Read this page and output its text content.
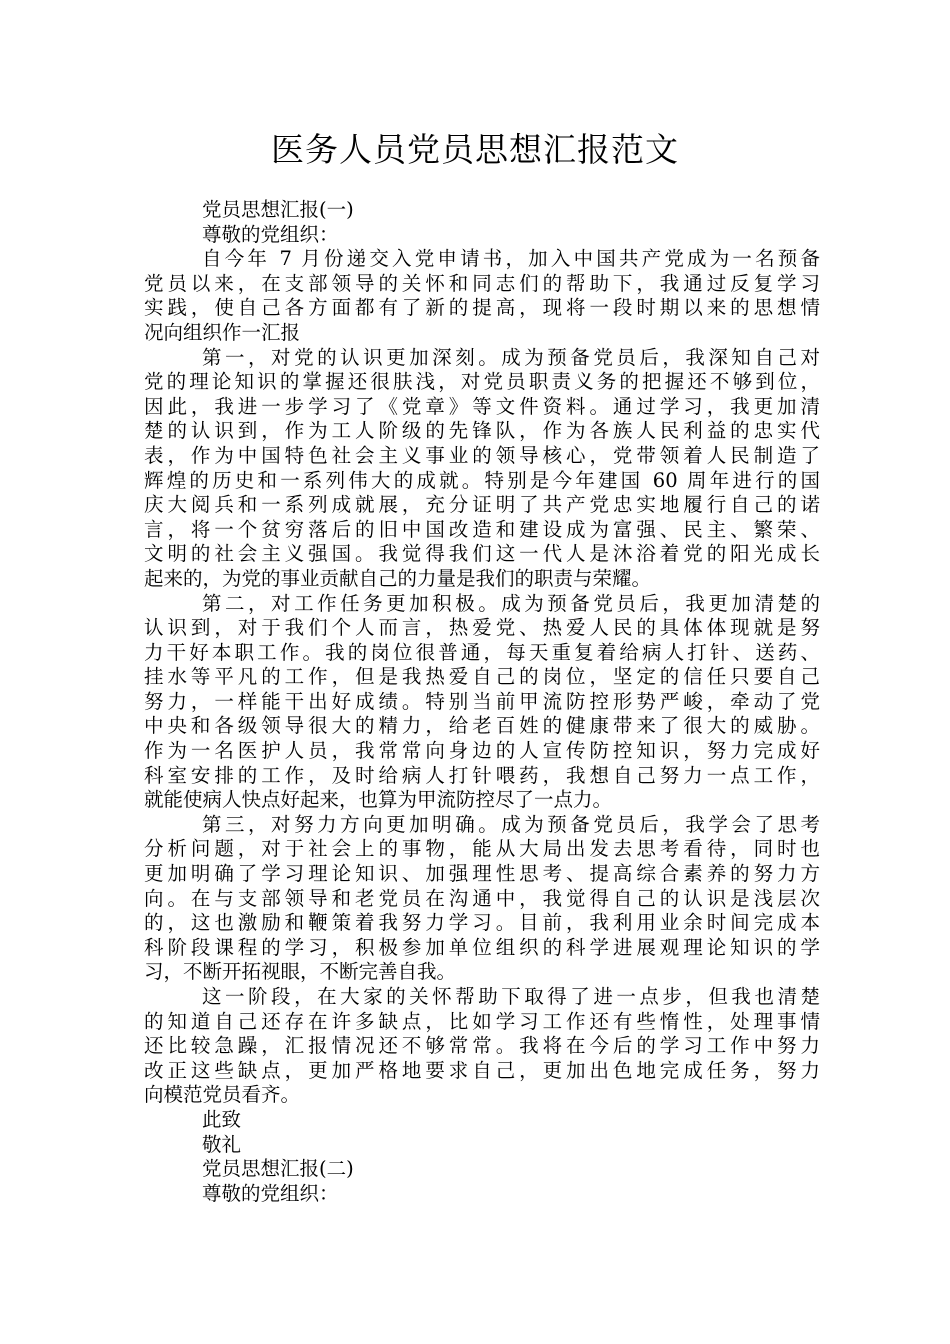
医务人员党员思想汇报范文
党员思想汇报(一)
尊敬的党组织：
自今年 7 月份递交入党申请书，加入中国共产党成为一名预备
党员以来，在支部领导的关怀和同志们的帮助下，我通过反复学习
实践，使自己各方面都有了新的提高，现将一段时期以来的思想情
况向组织作一汇报
第一，对党的认识更加深刻。成为预备党员后，我深知自己对
党的理论知识的掌握还很肤浅，对党员职责义务的把握还不够到位，
因此，我进一步学习了《党章》等文件资料。通过学习，我更加清
楚的认识到，作为工人阶级的先锋队，作为各族人民利益的忠实代
表，作为中国特色社会主义事业的领导核心，党带领着人民制造了
辉煌的历史和一系列伟大的成就。特别是今年建国 60 周年进行的国
庆大阅兵和一系列成就展，充分证明了共产党忠实地履行自己的诺
言，将一个贫穷落后的旧中国改造和建设成为富强、民主、繁荣、
文明的社会主义强国。我觉得我们这一代人是沐浴着党的阳光成长
起来的，为党的事业贡献自己的力量是我们的职责与荣耀。
第二，对工作任务更加积极。成为预备党员后，我更加清楚的
认识到，对于我们个人而言，热爱党、热爱人民的具体体现就是努
力干好本职工作。我的岗位很普通，每天重复着给病人打针、送药、
挂水等平凡的工作，但是我热爱自己的岗位，坚定的信任只要自己
努力，一样能干出好成绩。特别当前甲流防控形势严峻，牵动了党
中央和各级领导很大的精力，给老百姓的健康带来了很大的威胁。
作为一名医护人员，我常常向身边的人宣传防控知识，努力完成好
科室安排的工作，及时给病人打针喂药，我想自己努力一点工作，
就能使病人快点好起来，也算为甲流防控尽了一点力。
第三，对努力方向更加明确。成为预备党员后，我学会了思考
分析问题，对于社会上的事物，能从大局出发去思考看待，同时也
更加明确了学习理论知识、加强理性思考、提高综合素养的努力方
向。在与支部领导和老党员在沟通中，我觉得自己的认识是浅层次
的，这也激励和鞭策着我努力学习。目前，我利用业余时间完成本
科阶段课程的学习，积极参加单位组织的科学进展观理论知识的学
习，不断开拓视眼，不断完善自我。
这一阶段，在大家的关怀帮助下取得了进一点步，但我也清楚
的知道自己还存在许多缺点，比如学习工作还有些惰性，处理事情
还比较急躁，汇报情况还不够常常。我将在今后的学习工作中努力
改正这些缺点，更加严格地要求自己，更加出色地完成任务，努力
向模范党员看齐。
此致
敬礼
党员思想汇报(二)
尊敬的党组织：
